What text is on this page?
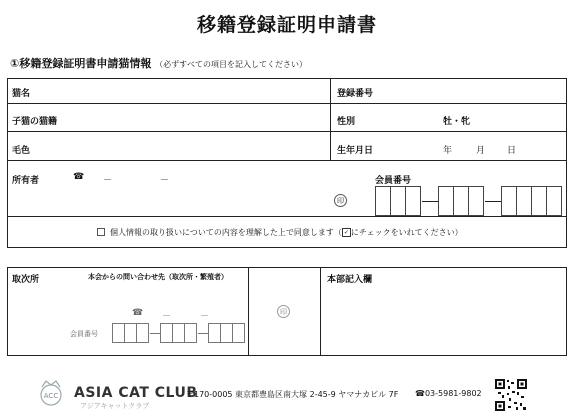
移籍登録証明申請書
①移籍登録証明書申請猫情報 （必ずすべての項目を記入してください）
猫名	登録番号
子猫の猫籍	性別	牡・牝
毛色	生年月日	年	月 日
所有者	☎ －	－
印
会員番号
個人情報の取り扱いについての内容を理解した上で同意します（ ✓ にチェックをいれてください）
取次所	本会からの問い合わせ先（取次所・繁殖者）
☎ －	－
会員番号
印
本部記入欄
ACC ASIA CAT CLUB
アジアキャットクラブ
〒170-0005 東京都豊島区南大塚 2-45-9 ヤマナカビル 7F ☎03-5981-9802
